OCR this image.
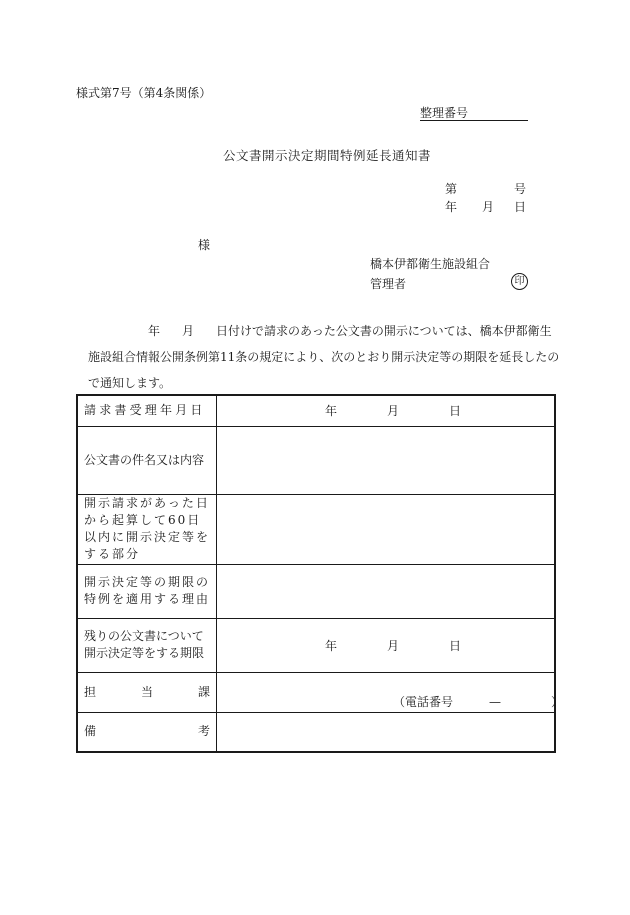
様式第7号（第4条関係）
整理番号
公文書開示決定期間特例延長通知書
第	号
年 月 日
様
橋本伊都衛生施設組合
管理者	印
年 月 日付けで請求のあった公文書の開示については、橋本伊都衛生
施設組合情報公開条例第11条の規定により、次のとおり開示決定等の期限を延長したの
で通知します。
請求書受理年月日	年 月 日

公文書の件名又は内容	

開示請求があった日から起算して60日以内に開示決定等をする部分	

開示決定等の期限の特例を適用する理由	

残りの公文書について開示決定等をする期限	年 月 日

担 当 課	（電話番号 — ）

備 考	
